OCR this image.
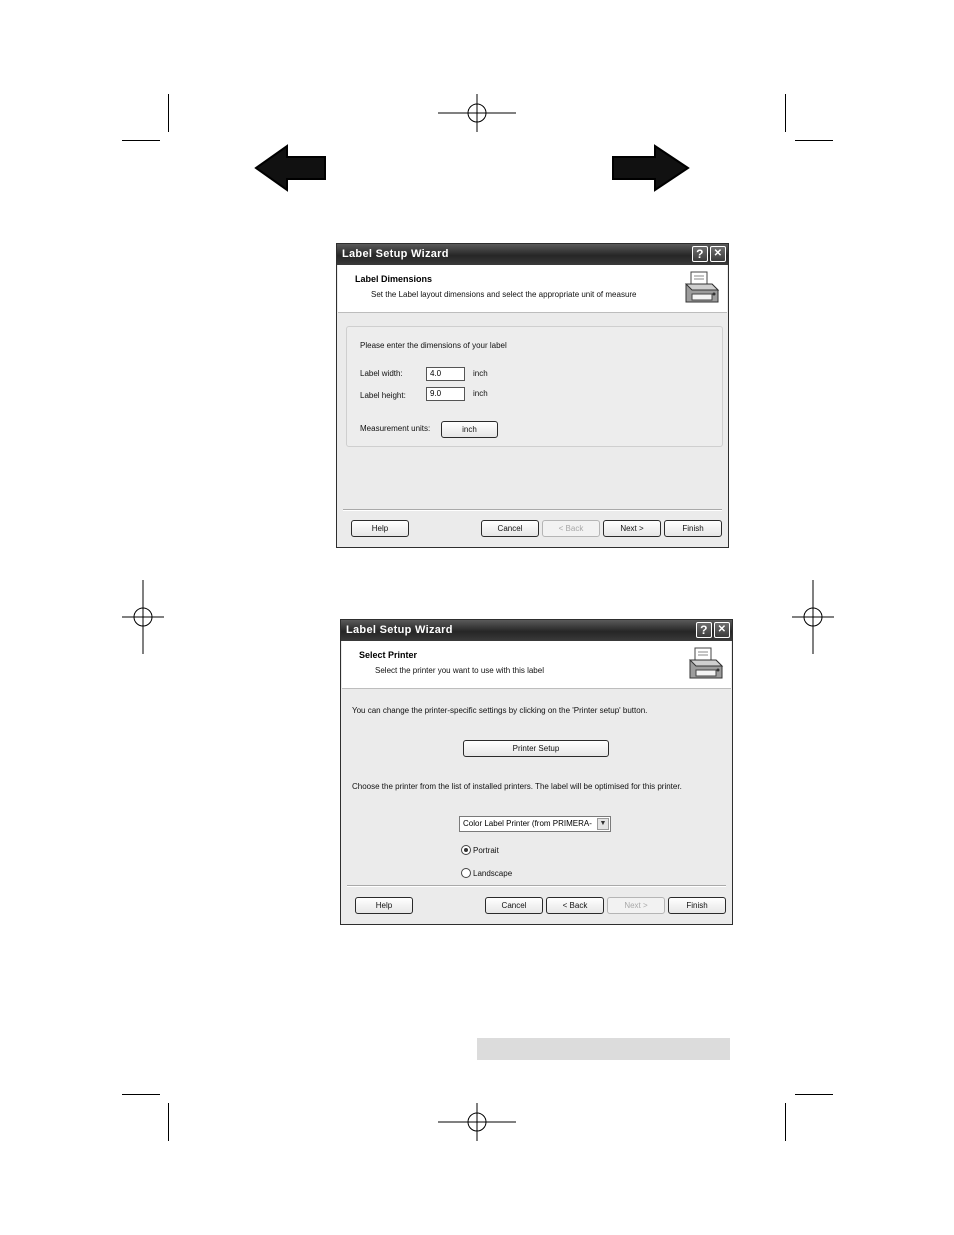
Label Setup Wizard	? ✕
Label Dimensions
Set the Label layout dimensions and select the appropriate unit of measure
Please enter the dimensions of your label
Label width:	4.0	inch
Label height:	9.0	inch
Measurement units:	inch
Help	Cancel	< Back	Next >	Finish
Label Setup Wizard	? ✕
Select Printer
Select the printer you want to use with this label
You can change the printer-specific settings by clicking on the 'Printer setup' button.
Printer Setup
Choose the printer from the list of installed printers. The label will be optimised for this printer.
Color Label Printer (from PRIMERA-	▼
Portrait
Landscape
Help	Cancel	< Back	Next >	Finish
